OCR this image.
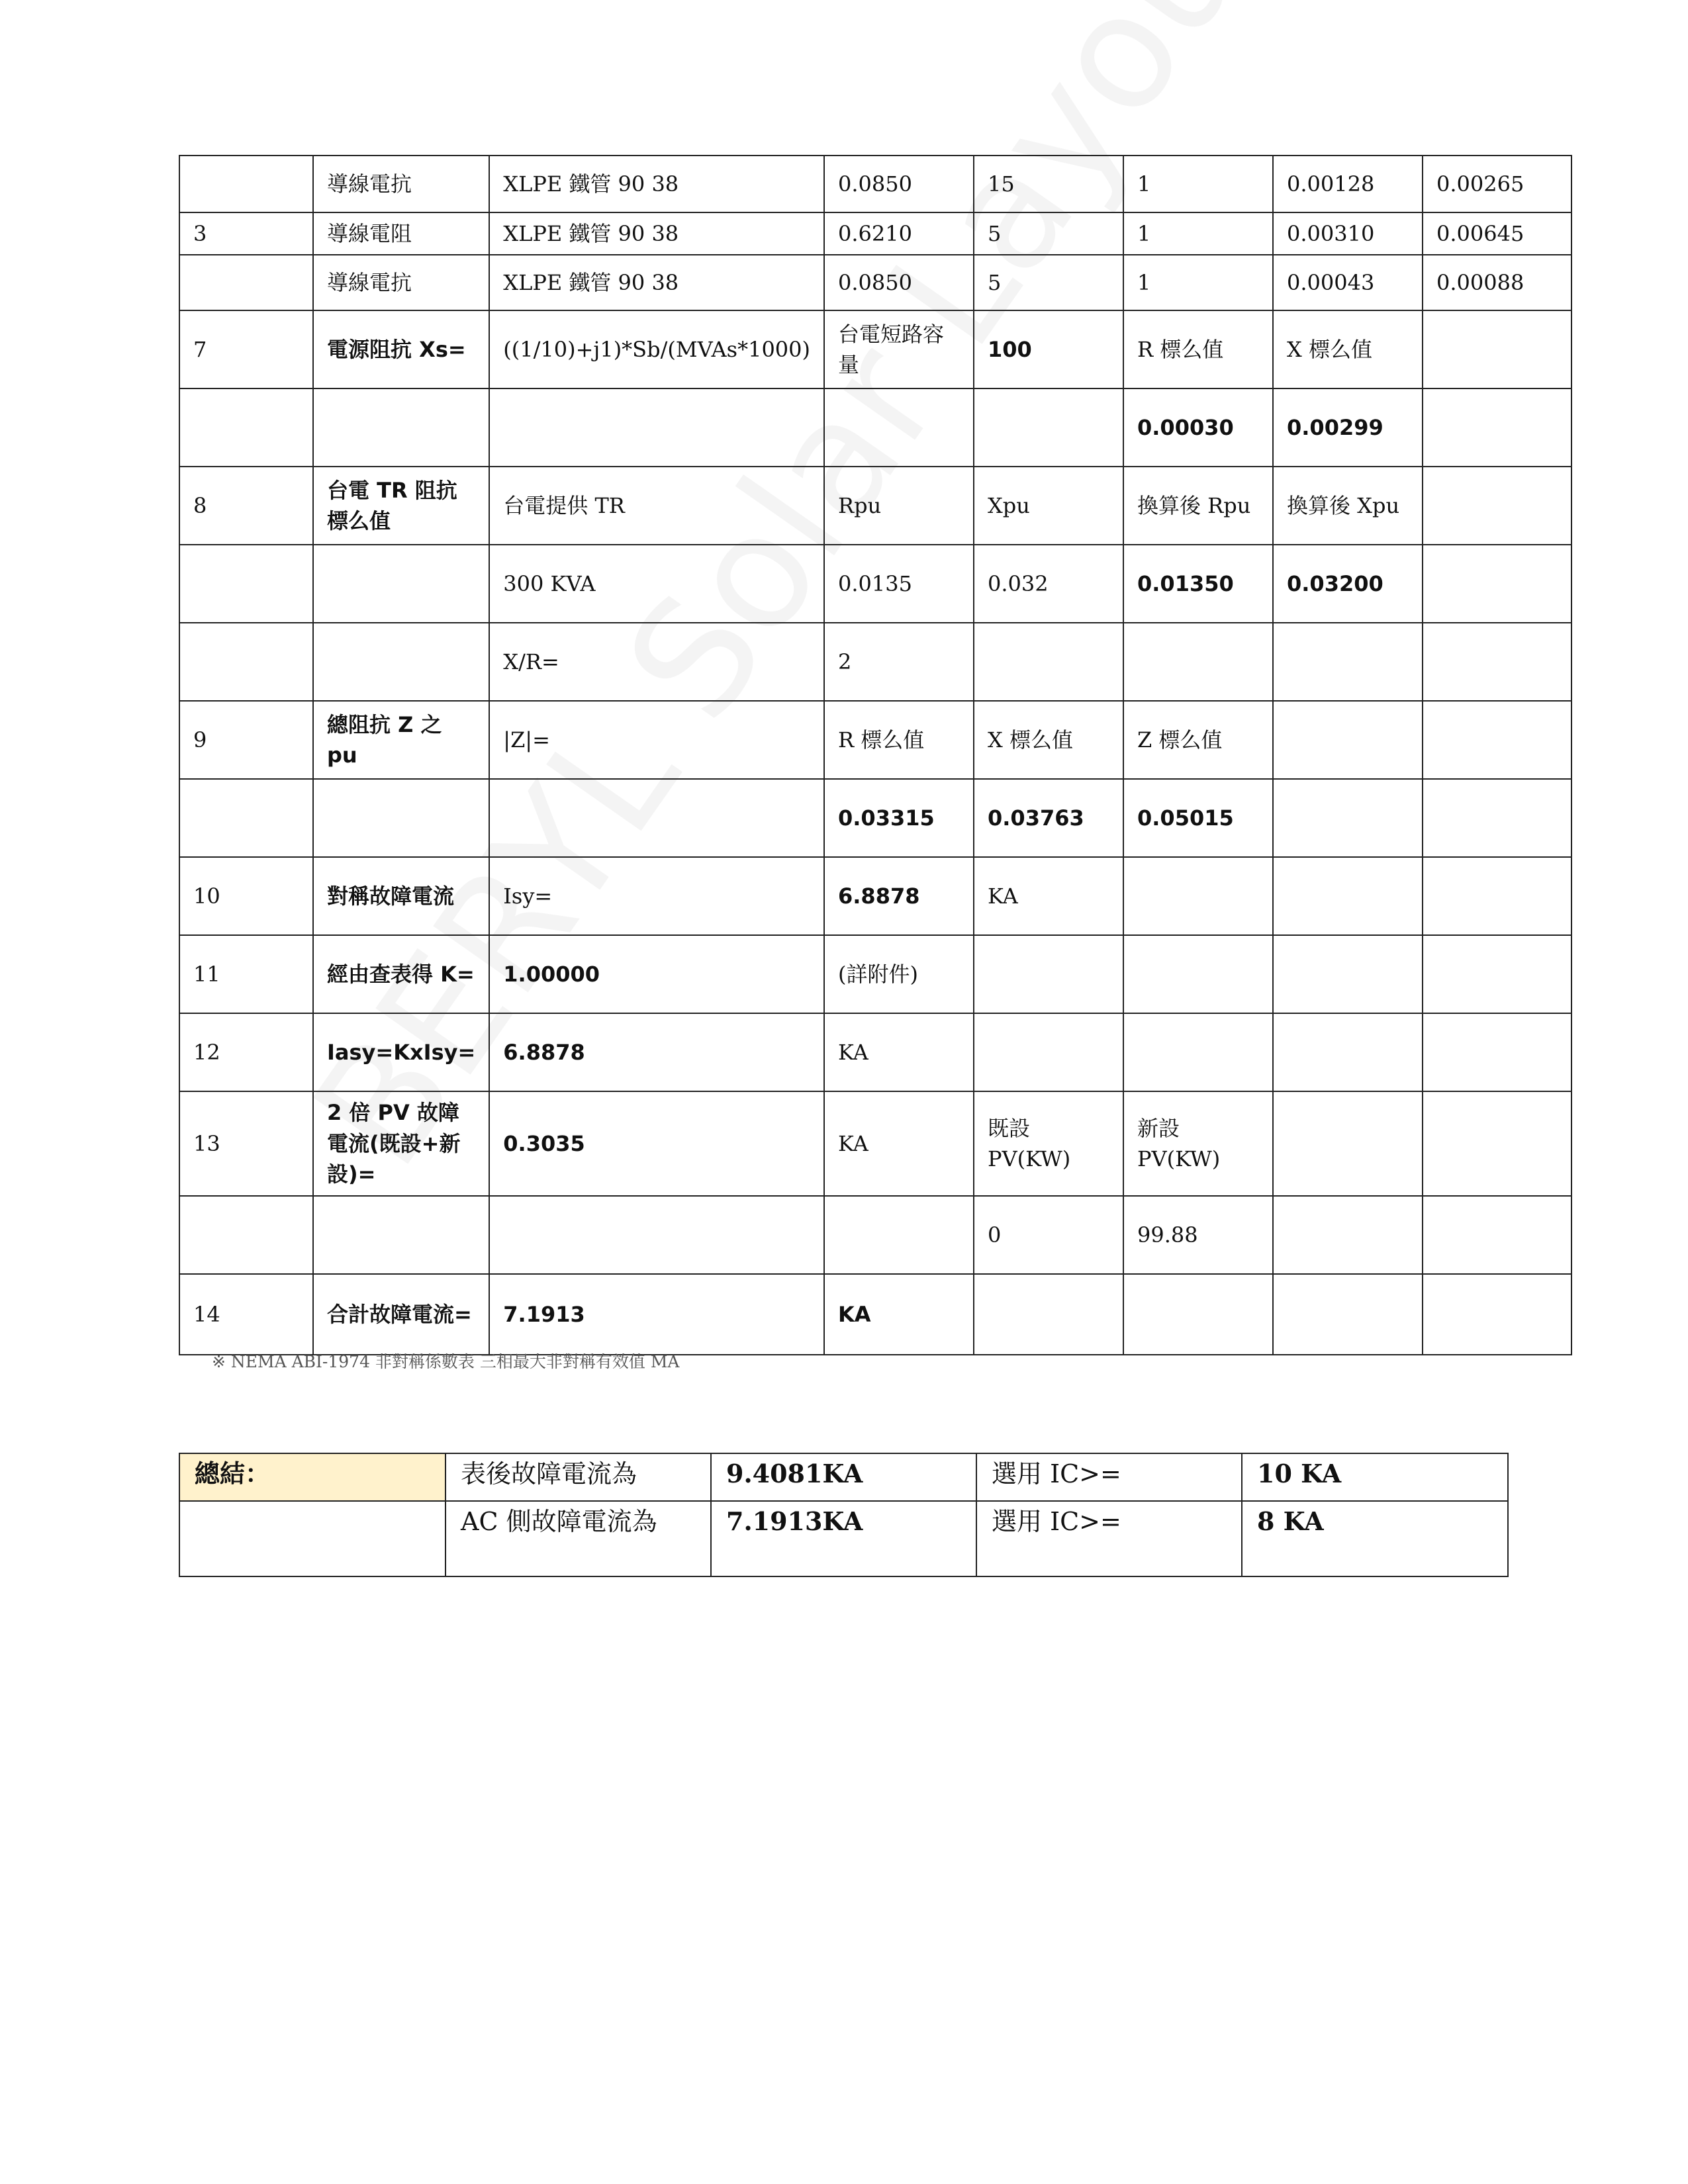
	導線電抗	XLPE 鐵管 90 38	0.0850	15	1	0.00128	0.00265
3	導線電阻	XLPE 鐵管 90 38	0.6210	5	1	0.00310	0.00645
	導線電抗	XLPE 鐵管 90 38	0.0850	5	1	0.00043	0.00088
7	電源阻抗 Xs=	((1/10)+j1)*Sb/(MVAs*1000)	台電短路容量	100	R 標么值	X 標么值	
					0.00030	0.00299	
8	台電 TR 阻抗標么值	台電提供 TR	Rpu	Xpu	換算後 Rpu	換算後 Xpu	
		300 KVA	0.0135	0.032	0.01350	0.03200	
		X/R=	2				
9	總阻抗 Z 之 pu	|Z|=	R 標么值	X 標么值	Z 標么值		
			0.03315	0.03763	0.05015		
10	對稱故障電流	Isy=	6.8878	KA			
11	經由查表得 K=	1.00000	(詳附件)				
12	Iasy=KxIsy=	6.8878	KA				
13	2 倍 PV 故障電流(既設+新設)=	0.3035	KA	既設 PV(KW)	新設 PV(KW)		
				0	99.88		
14	合計故障電流=	7.1913	KA				
※ NEMA ABI-1974 非對稱係數表 三相最大非對稱有效值 MA
總結：	表後故障電流為	9.4081KA	選用 IC>=	10 KA
	AC 側故障電流為	7.1913KA	選用 IC>=	8 KA
